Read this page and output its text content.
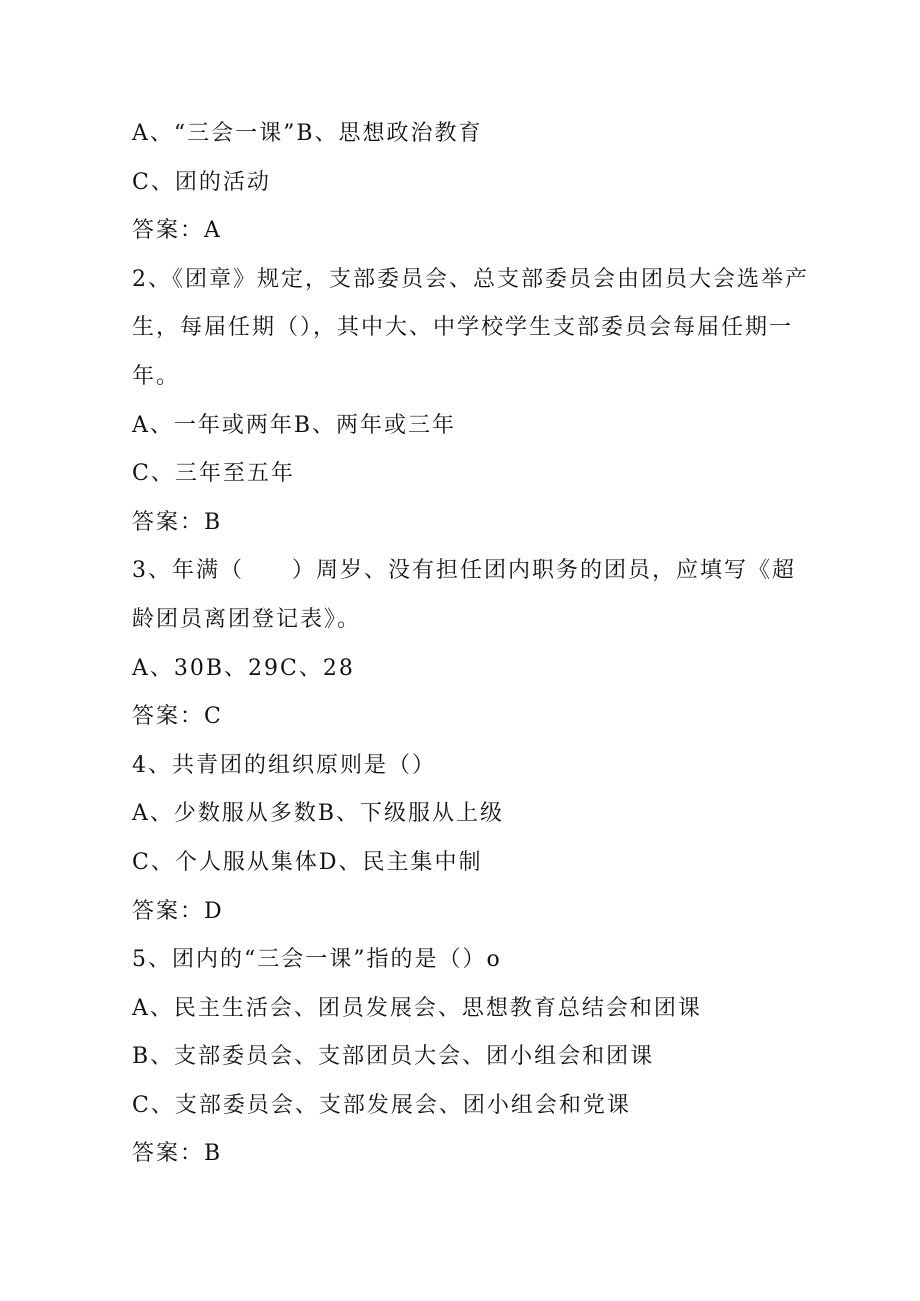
A、“三会一课”B、思想政治教育
C、团的活动
答案：A
2、《团章》规定，支部委员会、总支部委员会由团员大会选举产
生，每届任期（），其中大、中学校学生支部委员会每届任期一
年。
A、一年或两年B、两年或三年
C、三年至五年
答案：B
3、年满（　　）周岁、没有担任团内职务的团员，应填写《超
龄团员离团登记表》。
A、30B、29C、28
答案：C
4、共青团的组织原则是（）
A、少数服从多数B、下级服从上级
C、个人服从集体D、民主集中制
答案：D
5、团内的“三会一课”指的是（）o
A、民主生活会、团员发展会、思想教育总结会和团课
B、支部委员会、支部团员大会、团小组会和团课
C、支部委员会、支部发展会、团小组会和党课
答案：B
